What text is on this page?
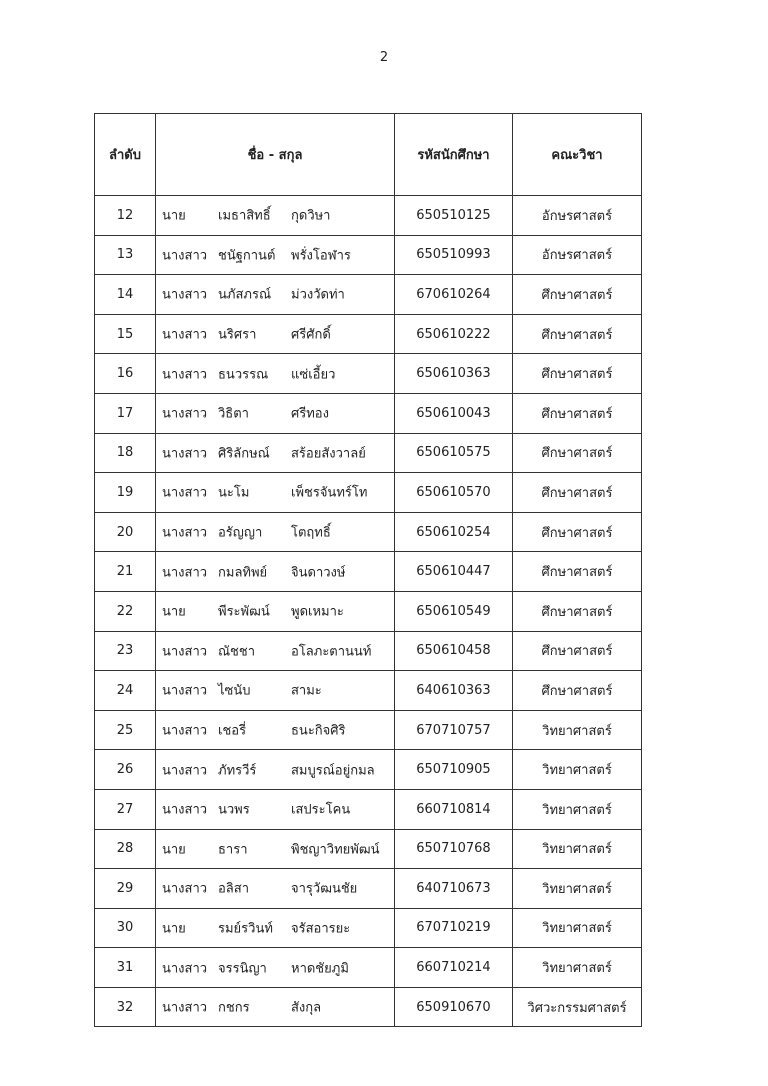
2
ลำดับ	ชื่อ - สกุล	รหัสนักศึกษา	คณะวิชา
12	นาย เมธาสิทธิ์ กุดวิษา	650510125	อักษรศาสตร์
13	นางสาว ชนัฐกานต์ พรั่งโอฬาร	650510993	อักษรศาสตร์
14	นางสาว นภัสภรณ์ ม่วงวัดท่า	670610264	ศึกษาศาสตร์
15	นางสาว นริศรา ศรีศักดิ์	650610222	ศึกษาศาสตร์
16	นางสาว ธนวรรณ แซ่เอี้ยว	650610363	ศึกษาศาสตร์
17	นางสาว วิธิตา ศรีทอง	650610043	ศึกษาศาสตร์
18	นางสาว ศิริลักษณ์ สร้อยสังวาลย์	650610575	ศึกษาศาสตร์
19	นางสาว นะโม เพ็ชรจันทร์โท	650610570	ศึกษาศาสตร์
20	นางสาว อรัญญา โตฤทธิ์	650610254	ศึกษาศาสตร์
21	นางสาว กมลทิพย์ จินดาวงษ์	650610447	ศึกษาศาสตร์
22	นาย พีระพัฒน์ พูดเหมาะ	650610549	ศึกษาศาสตร์
23	นางสาว ณัชชา อโลภะตานนท์	650610458	ศึกษาศาสตร์
24	นางสาว ไซนับ สามะ	640610363	ศึกษาศาสตร์
25	นางสาว เชอรี่ ธนะกิจศิริ	670710757	วิทยาศาสตร์
26	นางสาว ภัทรวีร์ สมบูรณ์อยู่กมล	650710905	วิทยาศาสตร์
27	นางสาว นวพร เสประโคน	660710814	วิทยาศาสตร์
28	นาย ธารา พิชญาวิทยพัฒน์	650710768	วิทยาศาสตร์
29	นางสาว อลิสา จารุวัฒนชัย	640710673	วิทยาศาสตร์
30	นาย รมย์รวินท์ จรัสอารยะ	670710219	วิทยาศาสตร์
31	นางสาว จรรนิญา หาดชัยภูมิ	660710214	วิทยาศาสตร์
32	นางสาว กชกร สังกุล	650910670	วิศวะกรรมศาสตร์
